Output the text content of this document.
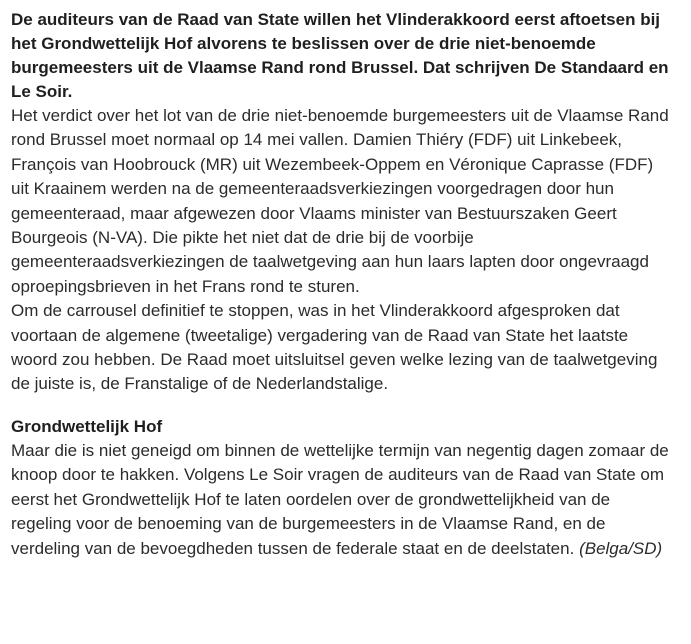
De auditeurs van de Raad van State willen het Vlinderakkoord eerst aftoetsen bij het Grondwettelijk Hof alvorens te beslissen over de drie niet-benoemde burgemeesters uit de Vlaamse Rand rond Brussel. Dat schrijven De Standaard en Le Soir.

Het verdict over het lot van de drie niet-benoemde burgemeesters uit de Vlaamse Rand rond Brussel moet normaal op 14 mei vallen. Damien Thiéry (FDF) uit Linkebeek, François van Hoobrouck (MR) uit Wezembeek-Oppem en Véronique Caprasse (FDF) uit Kraainem werden na de gemeenteraadsverkiezingen voorgedragen door hun gemeenteraad, maar afgewezen door Vlaams minister van Bestuurszaken Geert Bourgeois (N-VA). Die pikte het niet dat de drie bij de voorbije gemeenteraadsverkiezingen de taalwetgeving aan hun laars lapten door ongevraagd oproepingsbrieven in het Frans rond te sturen.

Om de carrousel definitief te stoppen, was in het Vlinderakkoord afgesproken dat voortaan de algemene (tweetalige) vergadering van de Raad van State het laatste woord zou hebben. De Raad moet uitsluitsel geven welke lezing van de taalwetgeving de juiste is, de Franstalige of de Nederlandstalige.

Grondwettelijk Hof

Maar die is niet geneigd om binnen de wettelijke termijn van negentig dagen zomaar de knoop door te hakken. Volgens Le Soir vragen de auditeurs van de Raad van State om eerst het Grondwettelijk Hof te laten oordelen over de grondwettelijkheid van de regeling voor de benoeming van de burgemeesters in de Vlaamse Rand, en de verdeling van de bevoegdheden tussen de federale staat en de deelstaten. (Belga/SD)
